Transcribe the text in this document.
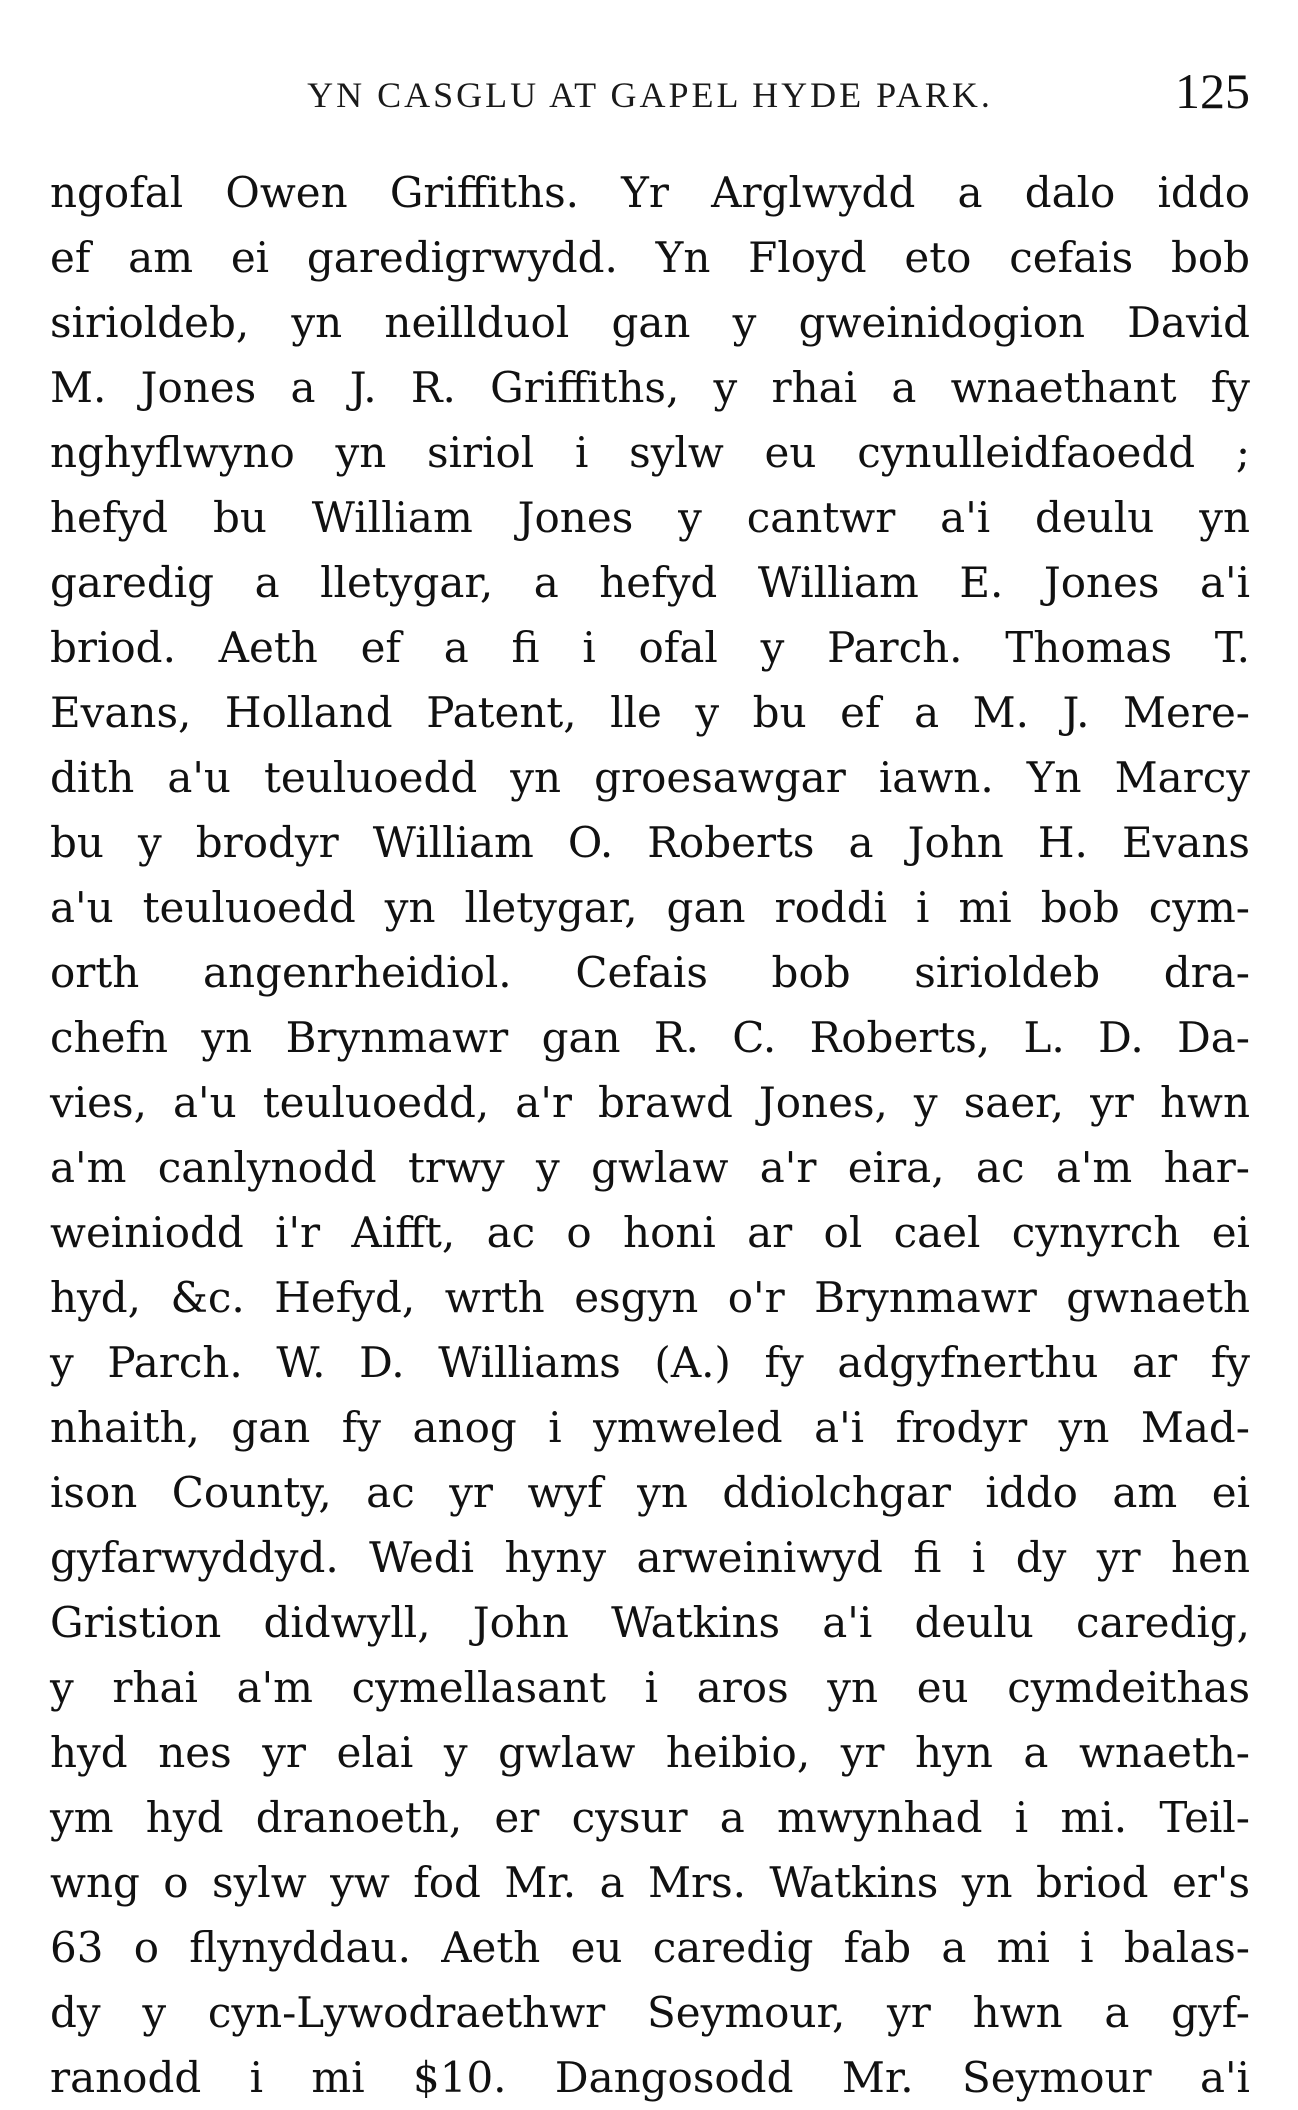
YN CASGLU AT GAPEL HYDE PARK.	125
ngofal Owen Griffiths. Yr Arglwydd a dalo iddo
ef am ei garedigrwydd. Yn Floyd eto cefais bob
sirioldeb, yn neillduol gan y gweinidogion David
M. Jones a J. R. Griffiths, y rhai a wnaethant fy
nghyflwyno yn siriol i sylw eu cynulleidfaoedd ;
hefyd bu William Jones y cantwr a'i deulu yn
garedig a lletygar, a hefyd William E. Jones a'i
briod. Aeth ef a fi i ofal y Parch. Thomas T.
Evans, Holland Patent, lle y bu ef a M. J. Mere-
dith a'u teuluoedd yn groesawgar iawn. Yn Marcy
bu y brodyr William O. Roberts a John H. Evans
a'u teuluoedd yn lletygar, gan roddi i mi bob cym-
orth angenrheidiol. Cefais bob sirioldeb dra-
chefn yn Brynmawr gan R. C. Roberts, L. D. Da-
vies, a'u teuluoedd, a'r brawd Jones, y saer, yr hwn
a'm canlynodd trwy y gwlaw a'r eira, ac a'm har-
weiniodd i'r Aifft, ac o honi ar ol cael cynyrch ei
hyd, &c. Hefyd, wrth esgyn o'r Brynmawr gwnaeth
y Parch. W. D. Williams (A.) fy adgyfnerthu ar fy
nhaith, gan fy anog i ymweled a'i frodyr yn Mad-
ison County, ac yr wyf yn ddiolchgar iddo am ei
gyfarwyddyd. Wedi hyny arweiniwyd fi i dy yr hen
Gristion didwyll, John Watkins a'i deulu caredig,
y rhai a'm cymellasant i aros yn eu cymdeithas
hyd nes yr elai y gwlaw heibio, yr hyn a wnaeth-
ym hyd dranoeth, er cysur a mwynhad i mi. Teil-
wng o sylw yw fod Mr. a Mrs. Watkins yn briod er's
63 o flynyddau. Aeth eu caredig fab a mi i balas-
dy y cyn-Lywodraethwr Seymour, yr hwn a gyf-
ranodd i mi $10. Dangosodd Mr. Seymour a'i
